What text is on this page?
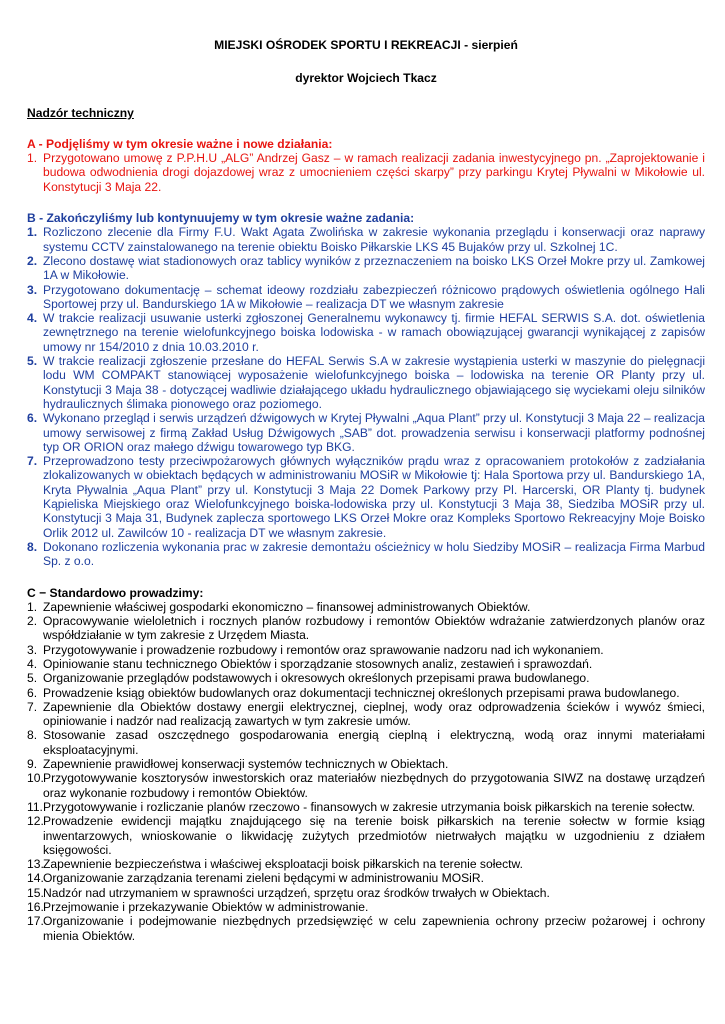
MIEJSKI OŚRODEK SPORTU I REKREACJI - sierpień

dyrektor Wojciech Tkacz

Nadzór techniczny

A - Podjęliśmy w tym okresie ważne i nowe działania:

1. Przygotowano umowę z P.P.H.U „ALG” Andrzej Gasz – w ramach realizacji zadania inwestycyjnego pn. „Zaprojektowanie i budowa odwodnienia drogi dojazdowej wraz z umocnieniem części skarpy” przy parkingu Krytej Pływalni w Mikołowie ul. Konstytucji 3 Maja 22.

B - Zakończyliśmy lub kontynuujemy w tym okresie ważne zadania:

1. Rozliczono zlecenie dla Firmy F.U. Wakt Agata Zwolińska w zakresie wykonania przeglądu i konserwacji oraz naprawy systemu CCTV zainstalowanego na terenie obiektu Boisko Piłkarskie LKS 45 Bujaków przy ul. Szkolnej 1C.
2. Zlecono dostawę wiat stadionowych oraz tablicy wyników z przeznaczeniem na boisko LKS Orzeł Mokre przy ul. Zamkowej 1A w Mikołowie.
3. Przygotowano dokumentację – schemat ideowy rozdziału zabezpieczeń różnicowo prądowych oświetlenia ogólnego Hali Sportowej przy ul. Bandurskiego 1A w Mikołowie – realizacja DT we własnym zakresie
4. W trakcie realizacji usuwanie usterki zgłoszonej Generalnemu wykonawcy tj. firmie HEFAL SERWIS S.A. dot. oświetlenia zewnętrznego na terenie wielofunkcyjnego boiska lodowiska - w ramach obowiązującej gwarancji wynikającej z zapisów umowy nr 154/2010 z dnia 10.03.2010 r.
5. W trakcie realizacji zgłoszenie przesłane do HEFAL Serwis S.A w zakresie wystąpienia usterki w maszynie do pielęgnacji lodu WM COMPAKT stanowiącej wyposażenie wielofunkcyjnego boiska – lodowiska na terenie OR Planty przy ul. Konstytucji 3 Maja 38 - dotyczącej wadliwie działającego układu hydraulicznego objawiającego się wyciekami oleju silników hydraulicznych ślimaka pionowego oraz poziomego.
6. Wykonano przegląd i serwis urządzeń dźwigowych w Krytej Pływalni „Aqua Plant” przy ul. Konstytucji 3 Maja 22 – realizacja umowy serwisowej z firmą Zakład Usług Dźwigowych „SAB” dot. prowadzenia serwisu i konserwacji platformy podnośnej typ OR ORION oraz małego dźwigu towarowego typ BKG.
7. Przeprowadzono testy przeciwpożarowych głównych wyłączników prądu wraz z opracowaniem protokołów z zadziałania zlokalizowanych w obiektach będących w administrowaniu MOSiR w Mikołowie tj: Hala Sportowa przy ul. Bandurskiego 1A, Kryta Pływalnia „Aqua Plant” przy ul. Konstytucji 3 Maja 22 Domek Parkowy przy Pl. Harcerski, OR Planty tj. budynek Kąpieliska Miejskiego oraz Wielofunkcyjnego boiska-lodowiska przy ul. Konstytucji 3 Maja 38, Siedziba MOSiR przy ul. Konstytucji 3 Maja 31, Budynek zaplecza sportowego LKS Orzeł Mokre oraz Kompleks Sportowo Rekreacyjny Moje Boisko Orlik 2012 ul. Zawilców 10 - realizacja DT we własnym zakresie.
8. Dokonano rozliczenia wykonania prac w zakresie demontażu ościeżnicy w holu Siedziby MOSiR – realizacja Firma Marbud Sp. z o.o.

C − Standardowo prowadzimy:

1. Zapewnienie właściwej gospodarki ekonomiczno – finansowej administrowanych Obiektów.
2. Opracowywanie wieloletnich i rocznych planów rozbudowy i remontów Obiektów wdrażanie zatwierdzonych planów oraz współdziałanie w tym zakresie z Urzędem Miasta.
3. Przygotowywanie i prowadzenie rozbudowy i remontów oraz sprawowanie nadzoru nad ich wykonaniem.
4. Opiniowanie stanu technicznego Obiektów i sporządzanie stosownych analiz, zestawień i sprawozdań.
5. Organizowanie przeglądów podstawowych i okresowych określonych przepisami prawa budowlanego.
6. Prowadzenie ksiąg obiektów budowlanych oraz dokumentacji technicznej określonych przepisami prawa budowlanego.
7. Zapewnienie dla Obiektów dostawy energii elektrycznej, cieplnej, wody oraz odprowadzenia ścieków i wywóz śmieci, opiniowanie i nadzór nad realizacją zawartych w tym zakresie umów.
8. Stosowanie zasad oszczędnego gospodarowania energią cieplną i elektryczną, wodą oraz innymi materiałami eksploatacyjnymi.
9. Zapewnienie prawidłowej konserwacji systemów technicznych w Obiektach.
10. Przygotowywanie kosztorysów inwestorskich oraz materiałów niezbędnych do przygotowania SIWZ na dostawę urządzeń oraz wykonanie rozbudowy i remontów Obiektów.
11. Przygotowywanie i rozliczanie planów rzeczowo - finansowych w zakresie utrzymania boisk piłkarskich na terenie sołectw.
12. Prowadzenie ewidencji majątku znajdującego się na terenie boisk piłkarskich na terenie sołectw w formie ksiąg inwentarzowych, wnioskowanie o likwidację zużytych przedmiotów nietrwałych majątku w uzgodnieniu z działem księgowości.
13. Zapewnienie bezpieczeństwa i właściwej eksploatacji boisk piłkarskich na terenie sołectw.
14. Organizowanie zarządzania terenami zieleni będącymi w administrowaniu MOSiR.
15. Nadzór nad utrzymaniem w sprawności urządzeń, sprzętu oraz środków trwałych w Obiektach.
16. Przejmowanie i przekazywanie Obiektów w administrowanie.
17. Organizowanie i podejmowanie niezbędnych przedsięwzięć w celu zapewnienia ochrony przeciw pożarowej i ochrony mienia Obiektów.
